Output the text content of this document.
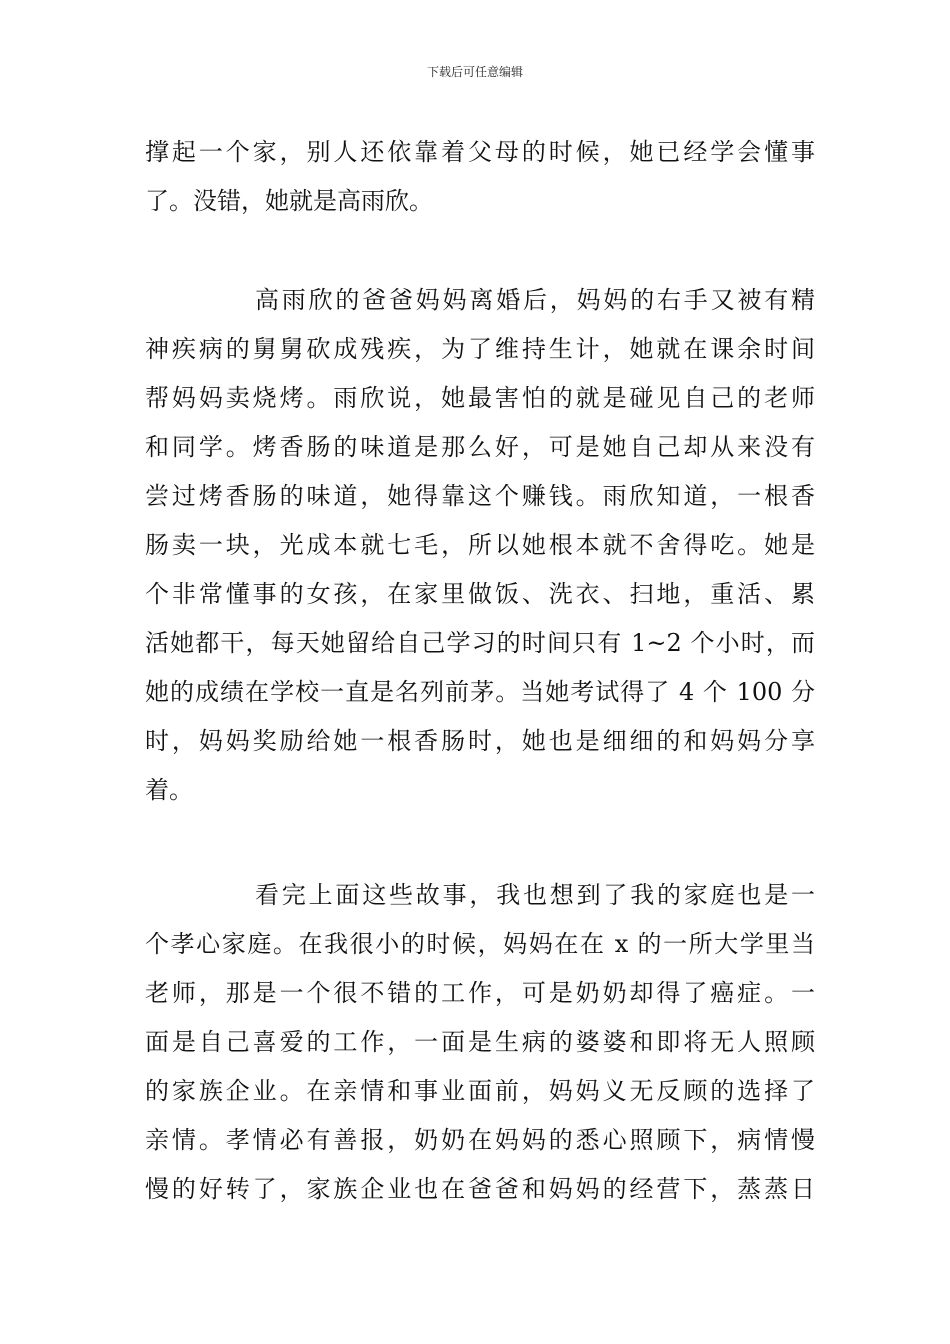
下载后可任意编辑
撑起一个家，别人还依靠着父母的时候，她已经学会懂事
了。没错，她就是高雨欣。
高雨欣的爸爸妈妈离婚后，妈妈的右手又被有精
神疾病的舅舅砍成残疾，为了维持生计，她就在课余时间
帮妈妈卖烧烤。雨欣说，她最害怕的就是碰见自己的老师
和同学。烤香肠的味道是那么好，可是她自己却从来没有
尝过烤香肠的味道，她得靠这个赚钱。雨欣知道，一根香
肠卖一块，光成本就七毛，所以她根本就不舍得吃。她是
个非常懂事的女孩，在家里做饭、洗衣、扫地，重活、累
活她都干，每天她留给自己学习的时间只有 1~2 个小时，而
她的成绩在学校一直是名列前茅。当她考试得了 4 个 100 分
时，妈妈奖励给她一根香肠时，她也是细细的和妈妈分享
着。
看完上面这些故事，我也想到了我的家庭也是一
个孝心家庭。在我很小的时候，妈妈在在 x 的一所大学里当
老师，那是一个很不错的工作，可是奶奶却得了癌症。一
面是自己喜爱的工作，一面是生病的婆婆和即将无人照顾
的家族企业。在亲情和事业面前，妈妈义无反顾的选择了
亲情。孝情必有善报，奶奶在妈妈的悉心照顾下，病情慢
慢的好转了，家族企业也在爸爸和妈妈的经营下，蒸蒸日
